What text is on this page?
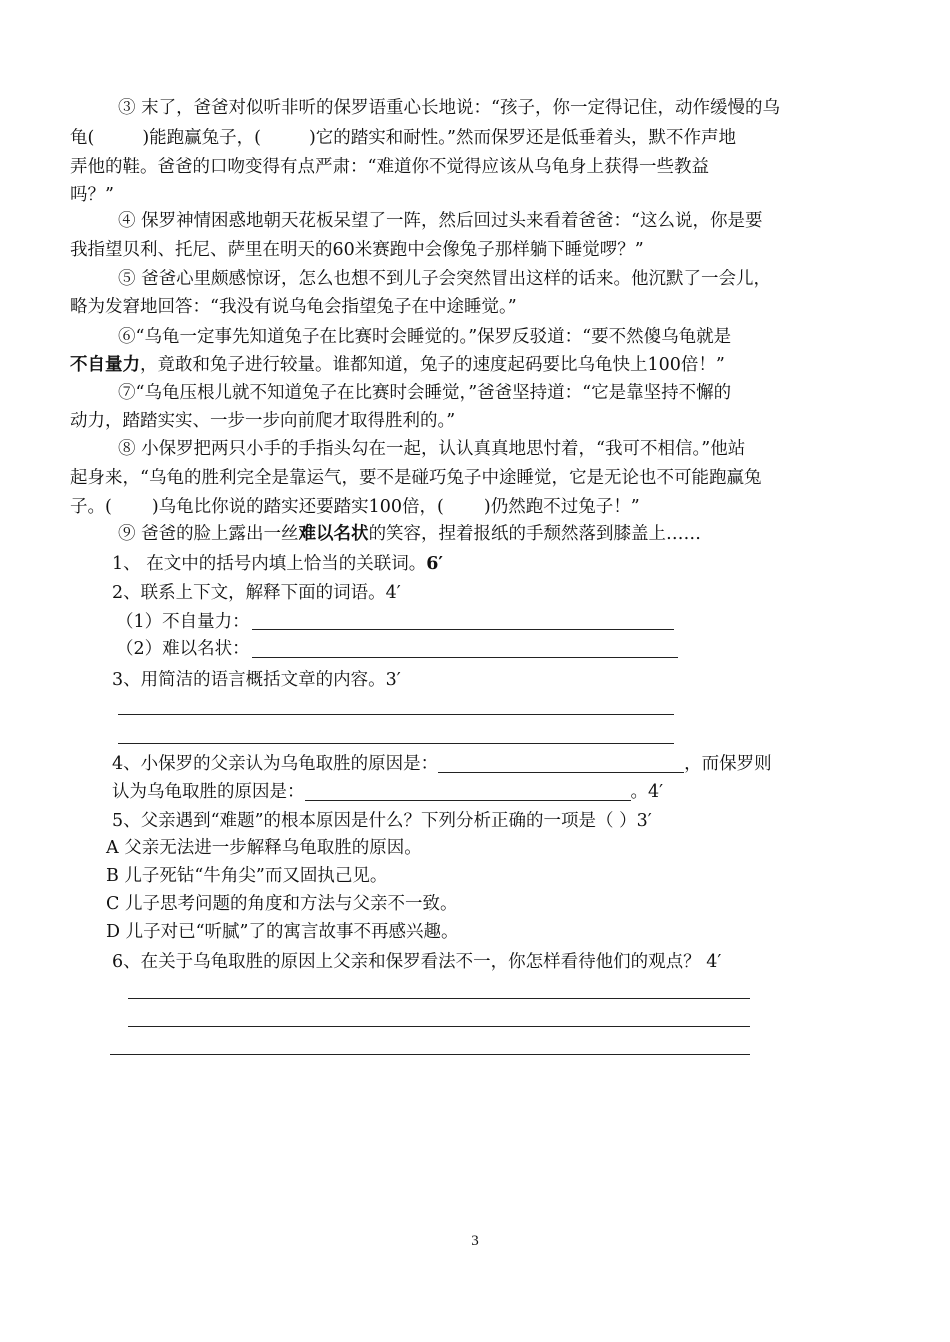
③ 末了，爸爸对似听非听的保罗语重心长地说：“孩子，你一定得记住，动作缓慢的乌
龟(	)能跑赢兔子，(	)它的踏实和耐性。”然而保罗还是低垂着头，默不作声地
弄他的鞋。爸爸的口吻变得有点严肃：“难道你不觉得应该从乌龟身上获得一些教益
吗？”
④ 保罗神情困惑地朝天花板呆望了一阵，然后回过头来看着爸爸：“这么说，你是要
我指望贝利、托尼、萨里在明天的60米赛跑中会像兔子那样躺下睡觉啰？”
⑤ 爸爸心里颇感惊讶，怎么也想不到儿子会突然冒出这样的话来。他沉默了一会儿，
略为发窘地回答：“我没有说乌龟会指望兔子在中途睡觉。”
⑥“乌龟一定事先知道兔子在比赛时会睡觉的。”保罗反驳道：“要不然傻乌龟就是
不自量力，竟敢和兔子进行较量。谁都知道，兔子的速度起码要比乌龟快上100倍！”
⑦“乌龟压根儿就不知道兔子在比赛时会睡觉，”爸爸坚持道：“它是靠坚持不懈的
动力，踏踏实实、一步一步向前爬才取得胜利的。”
⑧ 小保罗把两只小手的手指头勾在一起，认认真真地思忖着，“我可不相信。”他站
起身来，“乌龟的胜利完全是靠运气，要不是碰巧兔子中途睡觉，它是无论也不可能跑赢兔
子。( )乌龟比你说的踏实还要踏实100倍，( )仍然跑不过兔子！”
⑨ 爸爸的脸上露出一丝难以名状的笑容，捏着报纸的手颓然落到膝盖上……
1、 在文中的括号内填上恰当的关联词。6′
2、联系上下文，解释下面的词语。4′
（1）不自量力：
（2）难以名状：
3、用简洁的语言概括文章的内容。3′
4、小保罗的父亲认为乌龟取胜的原因是：	，而保罗则
认为乌龟取胜的原因是：	。4′
5、父亲遇到“难题”的根本原因是什么？下列分析正确的一项是（ ）3′
A 父亲无法进一步解释乌龟取胜的原因。
B 儿子死钻“牛角尖”而又固执己见。
C 儿子思考问题的角度和方法与父亲不一致。
D 儿子对已“听腻”了的寓言故事不再感兴趣。
6、在关于乌龟取胜的原因上父亲和保罗看法不一，你怎样看待他们的观点？ 4′
3
